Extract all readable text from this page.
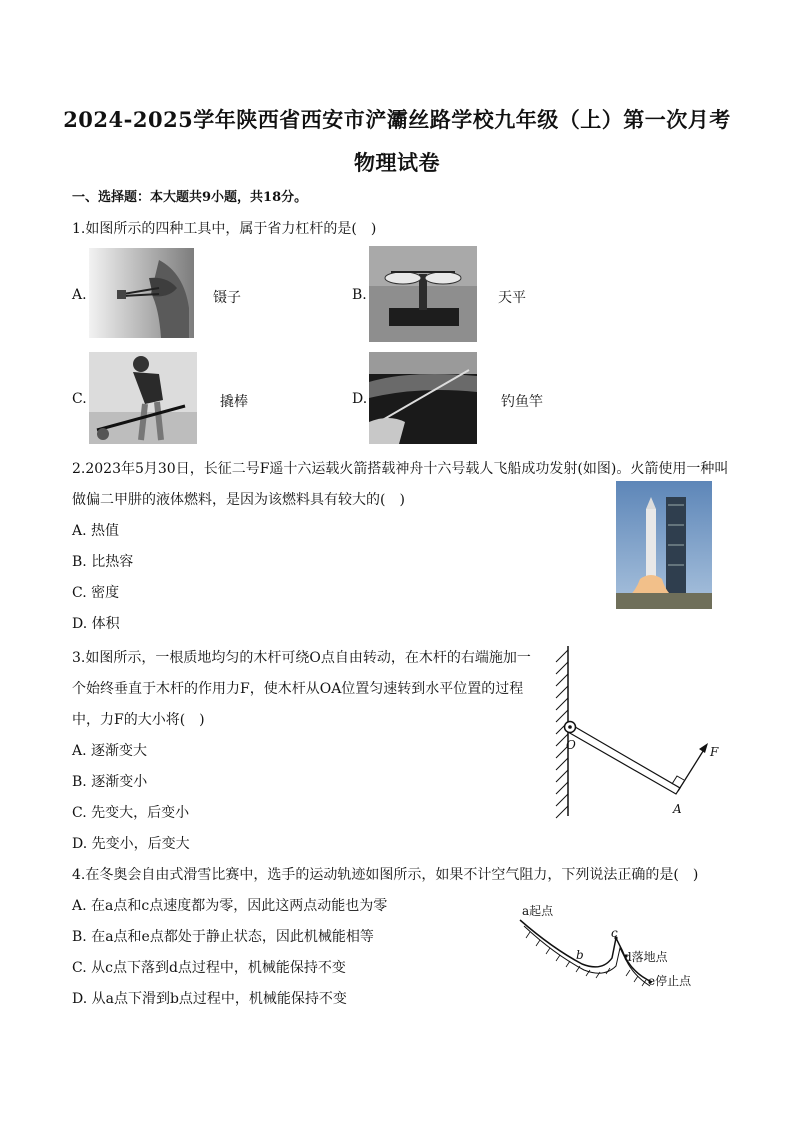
2024-2025学年陕西省西安市浐灞丝路学校九年级（上）第一次月考
物理试卷
一、选择题：本大题共9小题，共18分。
1.如图所示的四种工具中，属于省力杠杆的是(　)
A.	镊子	B.	天平
C.	撬棒	D.	钓鱼竿
2.2023年5月30日，长征二号F遥十六运载火箭搭载神舟十六号载人飞船成功发射(如图)。火箭使用一种叫
做偏二甲肼的液体燃料，是因为该燃料具有较大的(　)
A. 热值
B. 比热容
C. 密度
D. 体积
3.如图所示，一根质地均匀的木杆可绕O点自由转动，在木杆的右端施加一
个始终垂直于木杆的作用力F，使木杆从OA位置匀速转到水平位置的过程
中，力F的大小将(　)
A. 逐渐变大
B. 逐渐变小
C. 先变大，后变小
D. 先变小，后变大
O
A
F
4.在冬奥会自由式滑雪比赛中，选手的运动轨迹如图所示，如果不计空气阻力，下列说法正确的是(　)
A. 在a点和c点速度都为零，因此这两点动能也为零
B. 在a点和e点都处于静止状态，因此机械能相等
C. 从c点下落到d点过程中，机械能保持不变
D. 从a点下滑到b点过程中，机械能保持不变
a起点
b
c
d落地点
e停止点
